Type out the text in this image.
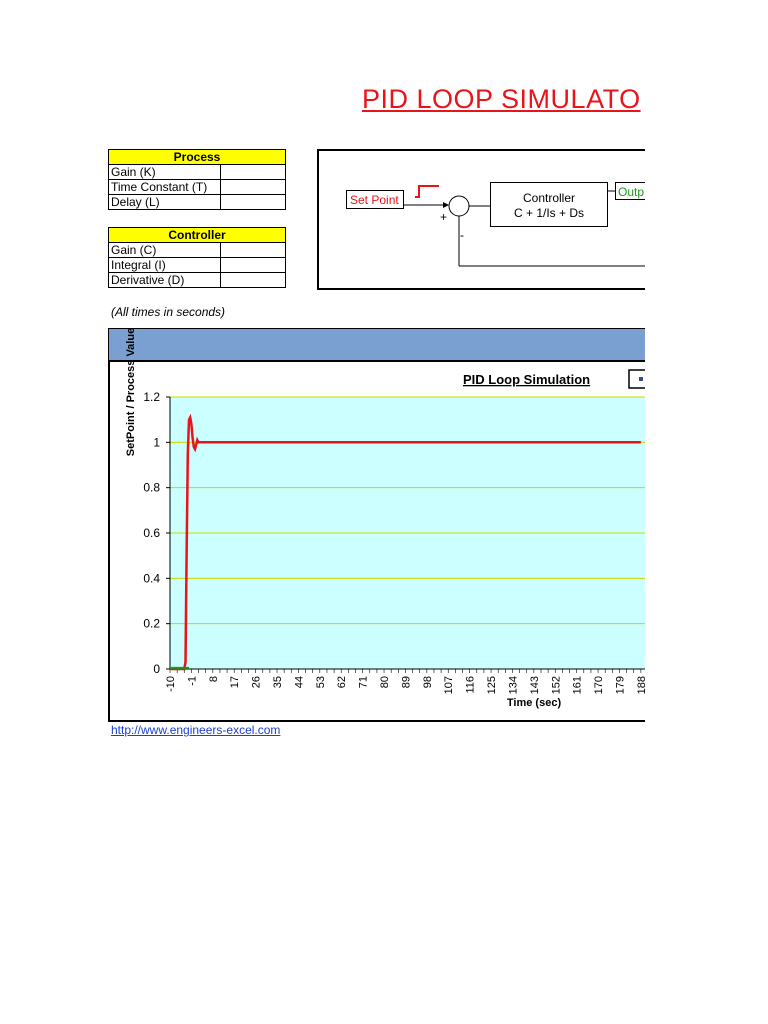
PID LOOP SIMULATO
Process	
Gain (K)	
Time Constant (T)	
Delay (L)	
Controller	
Gain (C)	
Integral (I)	
Derivative (D)	
(All times in seconds)
Set Point
+
-
Controller
C + 1/Is + Ds
Outp
0
0.2
0.4
0.6
0.8
1
1.2
-10 -1 8 17 26 35 44 53 62 71 80 89 98 107 116 125 134 143 152 161 170 179 188
PID Loop Simulation
Time (sec)
SetPoint / Process Value
http://www.engineers-excel.com
